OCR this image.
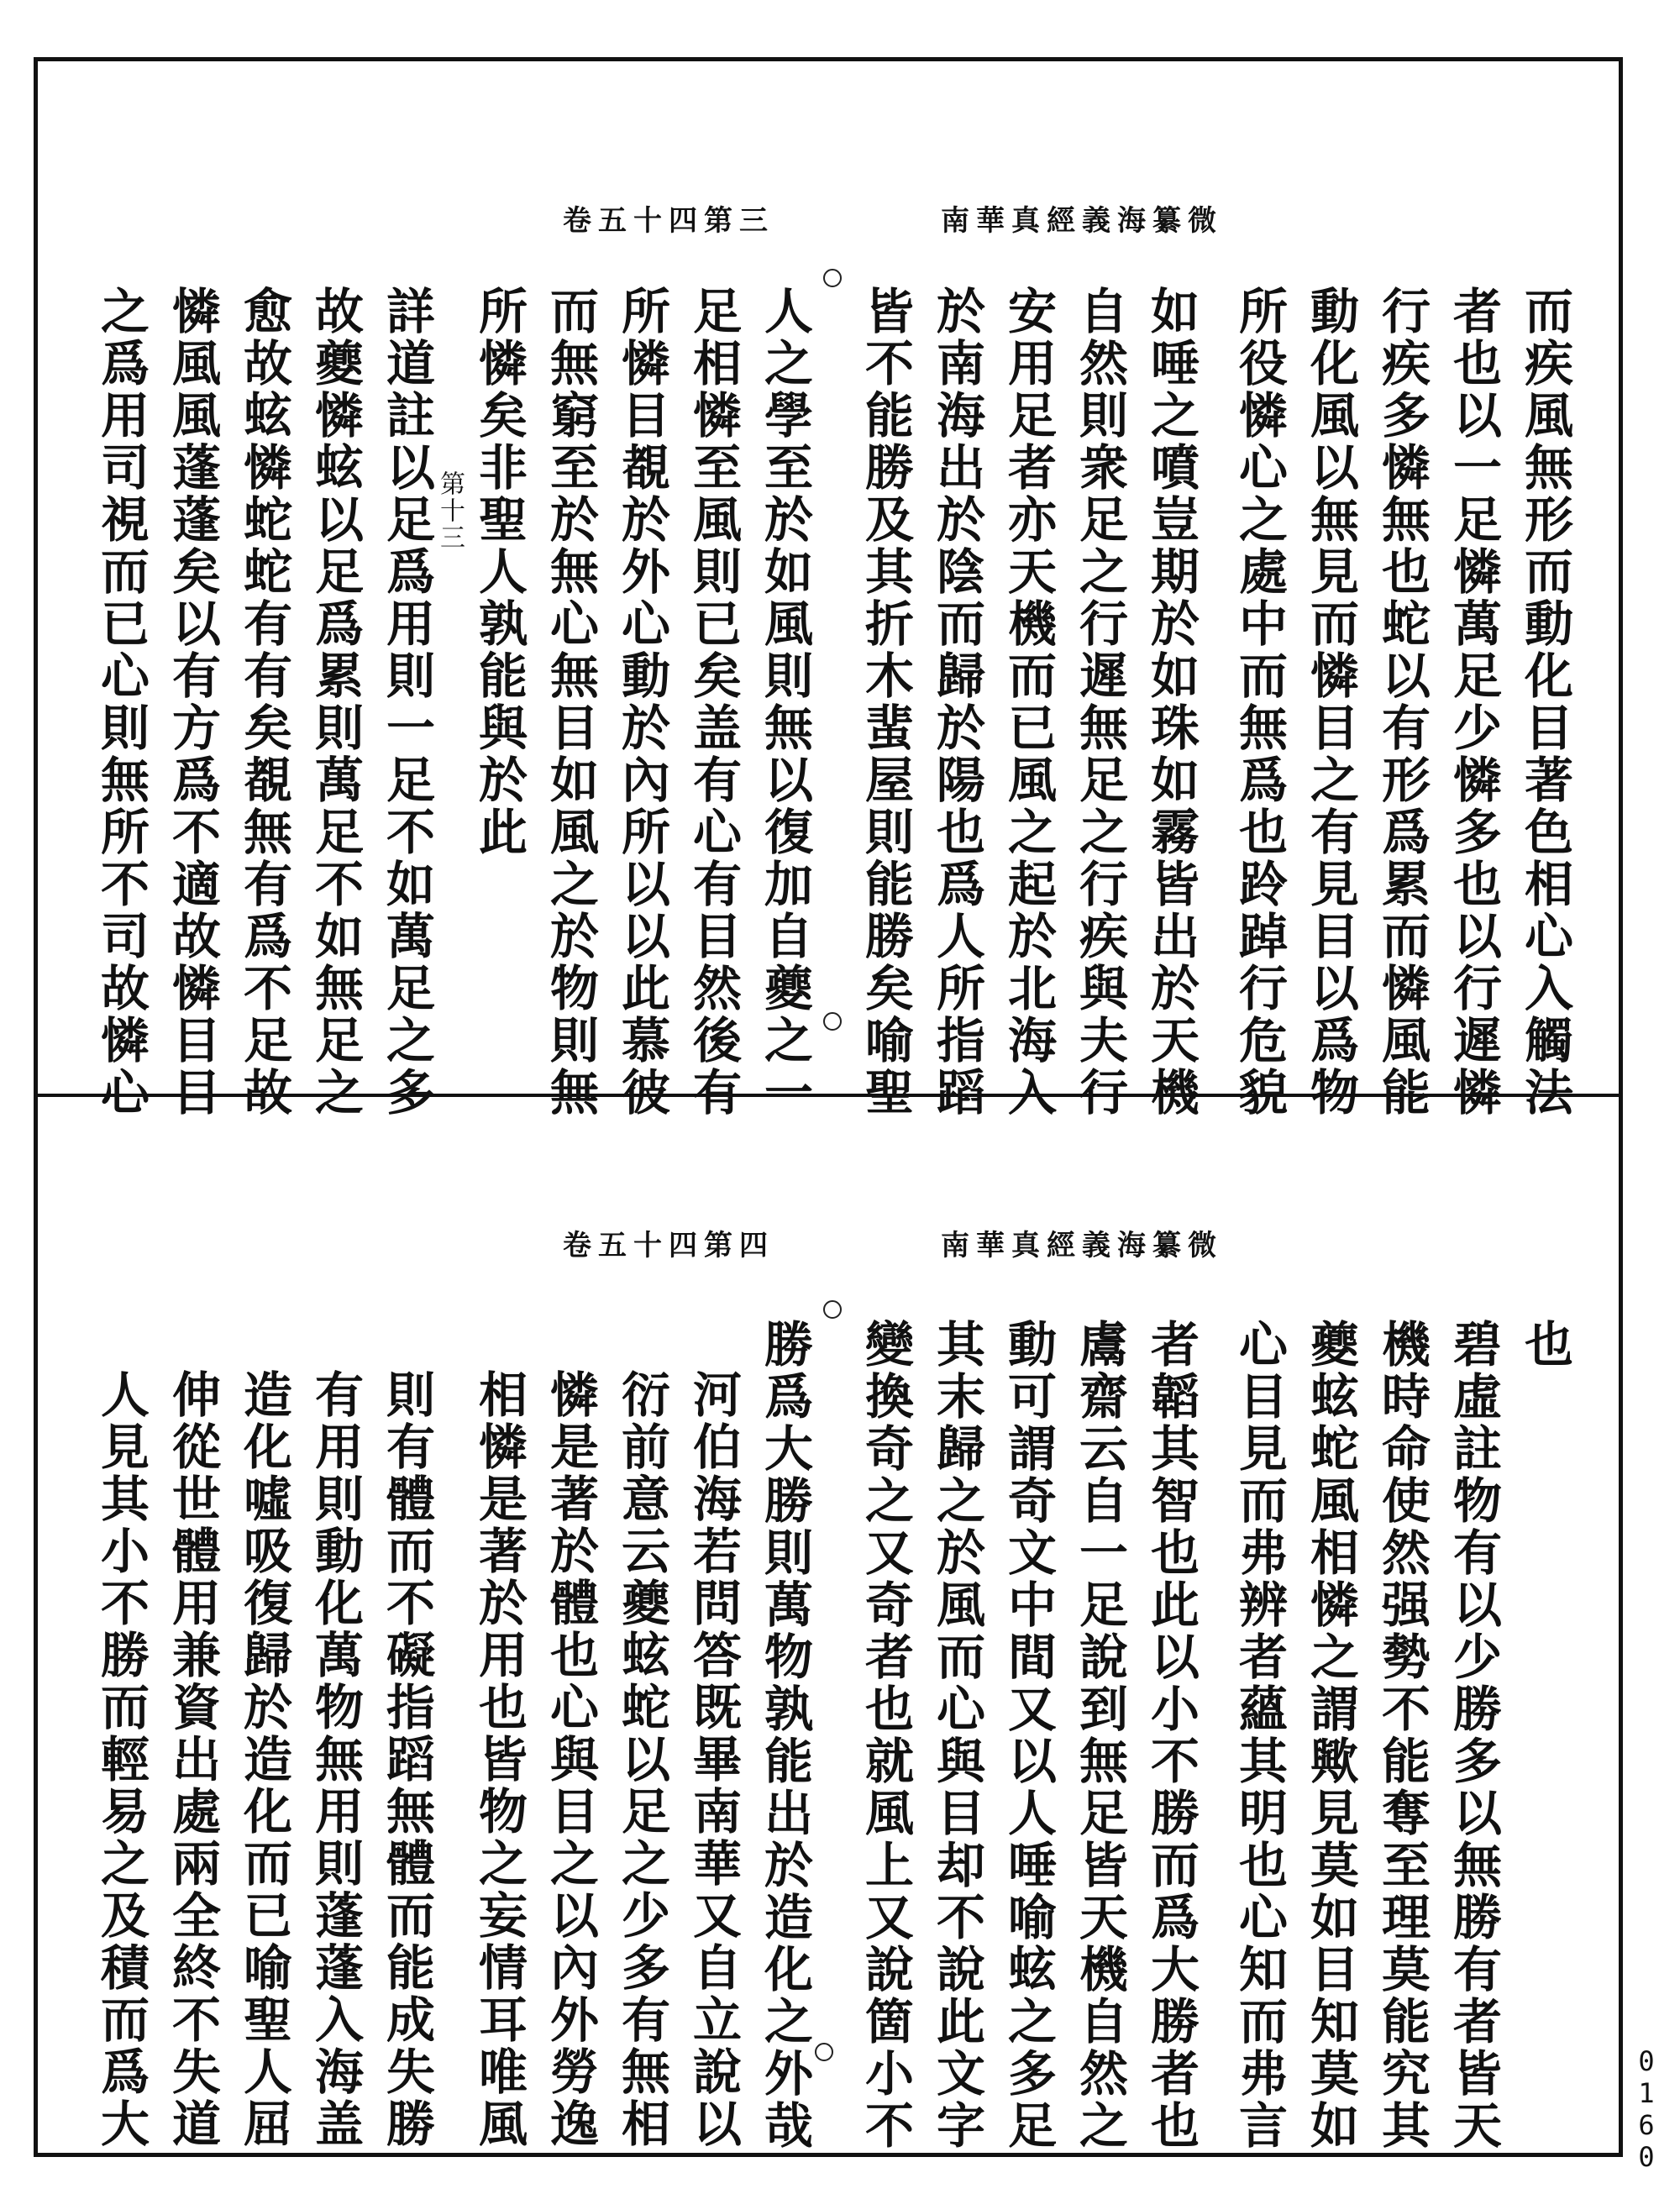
南華真經義海纂微
卷五十四第三
而疾風無形而動化目著色相心入觸法
者也以一足憐萬足少憐多也以行遲憐
行疾多憐無也蛇以有形爲累而憐風能
動化風以無見而憐目之有見目以爲物
所役憐心之處中而無爲也跉踔行危貌
如唾之噴豈期於如珠如霧皆出於天機
自然則衆足之行遲無足之行疾與夫行
安用足者亦天機而已風之起於北海入
於南海出於陰而歸於陽也爲人所指蹈
皆不能勝及其折木蜚屋則能勝矣喻聖
人之學至於如風則無以復加自夔之一
足相憐至風則已矣盖有心有目然後有
所憐目覩於外心動於內所以以此慕彼
而無窮至於無心無目如風之於物則無
所憐矣非聖人孰能與於此
第十三
詳道註以足爲用則一足不如萬足之多
故夔憐蚿以足爲累則萬足不如無足之
愈故蚿憐蛇蛇有有矣覩無有爲不足故
憐風風蓬蓬矣以有方爲不適故憐目目
之爲用司視而已心則無所不司故憐心
南華真經義海纂微
卷五十四第四
也
碧虛註物有以少勝多以無勝有者皆天
機時命使然强勢不能奪至理莫能究其
夔蚿蛇風相憐之謂歟見莫如目知莫如
心目見而弗辨者蘊其明也心知而弗言
者韜其智也此以小不勝而爲大勝者也
鬳齋云自一足說到無足皆天機自然之
動可謂奇文中間又以人唾喻蚿之多足
其末歸之於風而心與目却不說此文字
變換奇之又奇者也就風上又說箇小不
勝爲大勝則萬物孰能出於造化之外哉
河伯海若問答既畢南華又自立說以
衍前意云夔蚿蛇以足之少多有無相
憐是著於體也心與目之以內外勞逸
相憐是著於用也皆物之妄情耳唯風
則有體而不礙指蹈無體而能成失勝
有用則動化萬物無用則蓬蓬入海盖
造化噓吸復歸於造化而已喻聖人屈
伸從世體用兼資出處兩全終不失道
人見其小不勝而輕易之及積而爲大	0
1
6
0
